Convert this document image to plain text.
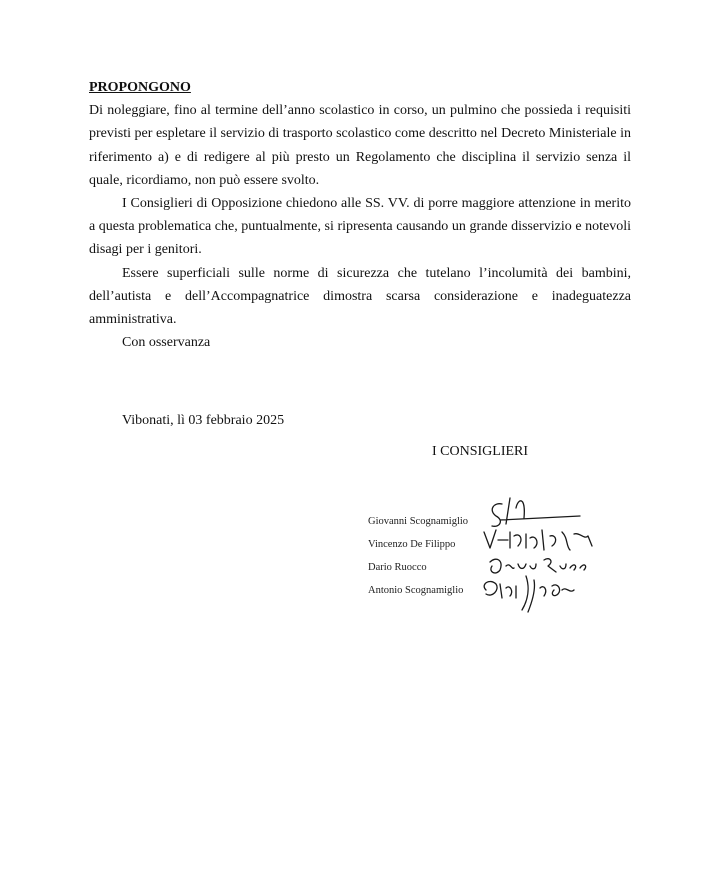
PROPONGONO

Di noleggiare, fino al termine dell’anno scolastico in corso, un pulmino che possieda i requisiti previsti per espletare il servizio di trasporto scolastico come descritto nel Decreto Ministeriale in riferimento a) e di redigere al più presto un Regolamento che disciplina il servizio senza il quale, ricordiamo, non può essere svolto.

I Consiglieri di Opposizione chiedono alle SS. VV. di porre maggiore attenzione in merito a questa problematica che, puntualmente, si ripresenta causando un grande disservizio e notevoli disagi per i genitori.

Essere superficiali sulle norme di sicurezza che tutelano l’incolumità dei bambini, dell’autista e dell’Accompagnatrice dimostra scarsa considerazione e inadeguatezza amministrativa.

Con osservanza

Vibonati, lì 03 febbraio 2025
I CONSIGLIERI
Giovanni Scognamiglio
Vincenzo De Filippo
Dario Ruocco
Antonio Scognamiglio
